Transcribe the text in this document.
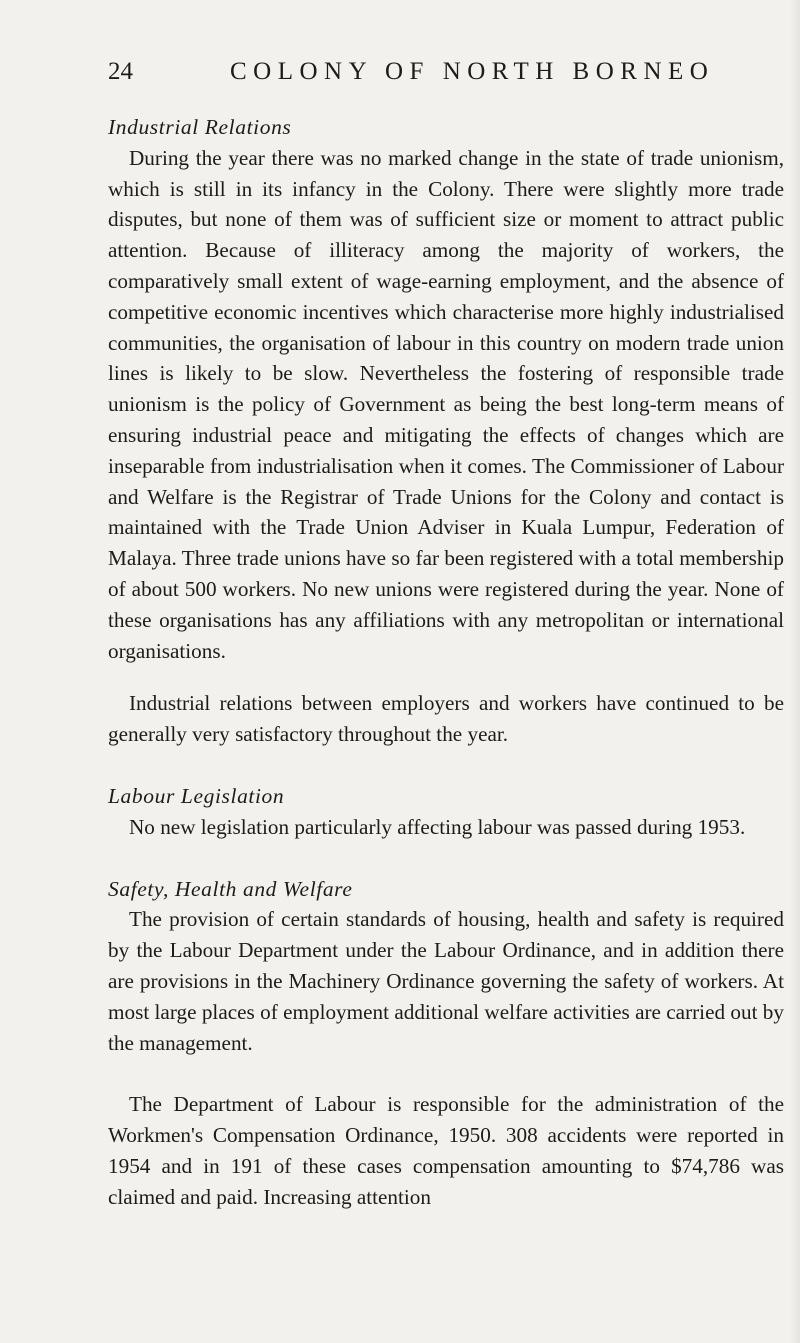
24	COLONY OF NORTH BORNEO
Industrial Relations

During the year there was no marked change in the state of trade unionism, which is still in its infancy in the Colony. There were slightly more trade disputes, but none of them was of sufficient size or moment to attract public attention. Because of illiteracy among the majority of workers, the comparatively small extent of wage-earning employment, and the absence of competitive economic incentives which characterise more highly industrialised communities, the organisation of labour in this country on modern trade union lines is likely to be slow. Nevertheless the fostering of responsible trade unionism is the policy of Government as being the best long-term means of ensuring industrial peace and mitigating the effects of changes which are inseparable from industrialisation when it comes. The Commissioner of Labour and Welfare is the Registrar of Trade Unions for the Colony and contact is maintained with the Trade Union Adviser in Kuala Lumpur, Federation of Malaya. Three trade unions have so far been registered with a total membership of about 500 workers. No new unions were registered during the year. None of these organisations has any affiliations with any metropolitan or international organisations.

Industrial relations between employers and workers have continued to be generally very satisfactory throughout the year.

Labour Legislation

No new legislation particularly affecting labour was passed during 1953.

Safety, Health and Welfare

The provision of certain standards of housing, health and safety is required by the Labour Department under the Labour Ordinance, and in addition there are provisions in the Machinery Ordinance governing the safety of workers. At most large places of employment additional welfare activities are carried out by the management.

The Department of Labour is responsible for the administration of the Workmen's Compensation Ordinance, 1950. 308 accidents were reported in 1954 and in 191 of these cases compensation amounting to $74,786 was claimed and paid. Increasing attention
